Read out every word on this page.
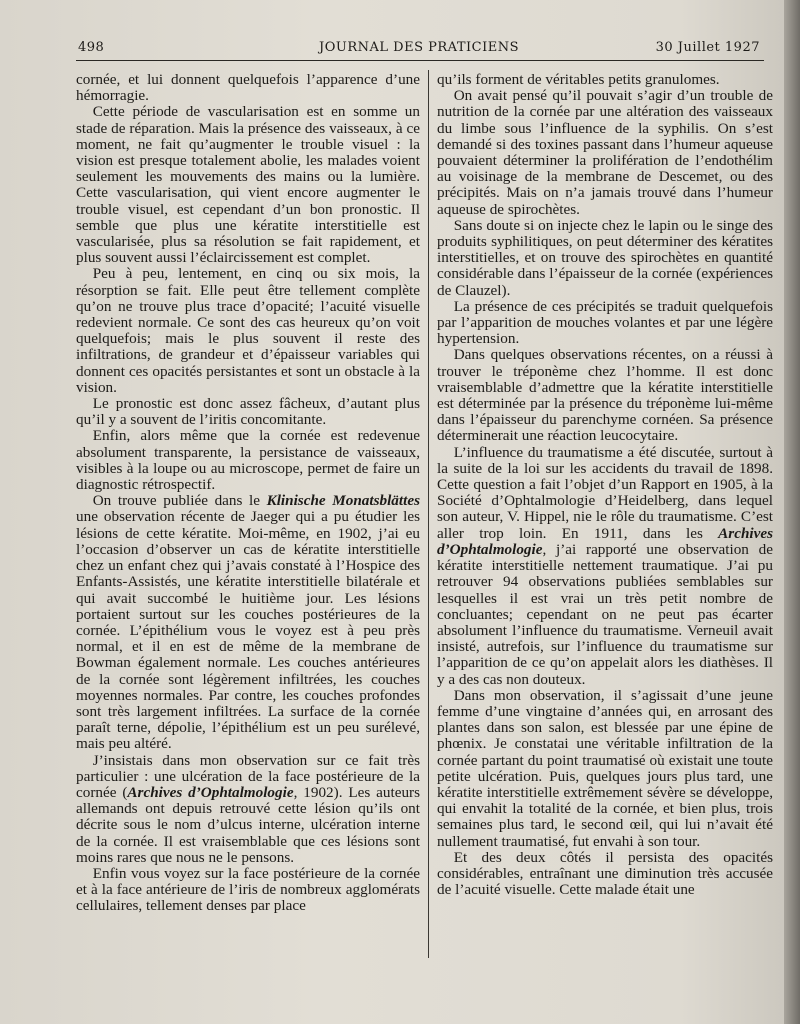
498	JOURNAL DES PRATICIENS	30 Juillet 1927

cornée, et lui donnent quelquefois l’apparence d’une hémorragie.

Cette période de vascularisation est en somme un stade de réparation. Mais la présence des vaisseaux, à ce moment, ne fait qu’augmenter le trouble visuel : la vision est presque totalement abolie, les malades voient seulement les mouvements des mains ou la lumière. Cette vascularisation, qui vient encore augmenter le trouble visuel, est cependant d’un bon pronostic. Il semble que plus une kératite interstitielle est vascularisée, plus sa résolution se fait rapidement, et plus souvent aussi l’éclaircissement est complet.

Peu à peu, lentement, en cinq ou six mois, la résorption se fait. Elle peut être tellement complète qu’on ne trouve plus trace d’opacité; l’acuité visuelle redevient normale. Ce sont des cas heureux qu’on voit quelquefois; mais le plus souvent il reste des infiltrations, de grandeur et d’épaisseur variables qui donnent ces opacités persistantes et sont un obstacle à la vision.

Le pronostic est donc assez fâcheux, d’autant plus qu’il y a souvent de l’iritis concomitante.

Enfin, alors même que la cornée est redevenue absolument transparente, la persistance de vaisseaux, visibles à la loupe ou au microscope, permet de faire un diagnostic rétrospectif.

On trouve publiée dans le Klinische Monatsblättes une observation récente de Jaeger qui a pu étudier les lésions de cette kératite. Moi-même, en 1902, j’ai eu l’occasion d’observer un cas de kératite interstitielle chez un enfant chez qui j’avais constaté à l’Hospice des Enfants-Assistés, une kératite interstitielle bilatérale et qui avait succombé le huitième jour. Les lésions portaient surtout sur les couches postérieures de la cornée. L’épithélium vous le voyez est à peu près normal, et il en est de même de la membrane de Bowman également normale. Les couches antérieures de la cornée sont légèrement infiltrées, les couches moyennes normales. Par contre, les couches profondes sont très largement infiltrées. La surface de la cornée paraît terne, dépolie, l’épithélium est un peu surélevé, mais peu altéré.

J’insistais dans mon observation sur ce fait très particulier : une ulcération de la face postérieure de la cornée (Archives d’Ophtalmologie, 1902). Les auteurs allemands ont depuis retrouvé cette lésion qu’ils ont décrite sous le nom d’ulcus interne, ulcération interne de la cornée. Il est vraisemblable que ces lésions sont moins rares que nous ne le pensons.

Enfin vous voyez sur la face postérieure de la cornée et à la face antérieure de l’iris de nombreux agglomérats cellulaires, tellement denses par place

qu’ils forment de véritables petits granulomes.

On avait pensé qu’il pouvait s’agir d’un trouble de nutrition de la cornée par une altération des vaisseaux du limbe sous l’influence de la syphilis. On s’est demandé si des toxines passant dans l’humeur aqueuse pouvaient déterminer la prolifération de l’endothélim au voisinage de la membrane de Descemet, ou des précipités. Mais on n’a jamais trouvé dans l’humeur aqueuse de spirochètes.

Sans doute si on injecte chez le lapin ou le singe des produits syphilitiques, on peut déterminer des kératites interstitielles, et on trouve des spirochètes en quantité considérable dans l’épaisseur de la cornée (expériences de Clauzel).

La présence de ces précipités se traduit quelquefois par l’apparition de mouches volantes et par une légère hypertension.

Dans quelques observations récentes, on a réussi à trouver le tréponème chez l’homme. Il est donc vraisemblable d’admettre que la kératite interstitielle est déterminée par la présence du tréponème lui-même dans l’épaisseur du parenchyme cornéen. Sa présence déterminerait une réaction leucocytaire.

L’influence du traumatisme a été discutée, surtout à la suite de la loi sur les accidents du travail de 1898. Cette question a fait l’objet d’un Rapport en 1905, à la Société d’Ophtalmologie d’Heidelberg, dans lequel son auteur, V. Hippel, nie le rôle du traumatisme. C’est aller trop loin. En 1911, dans les Archives d’Ophtalmologie, j’ai rapporté une observation de kératite interstitielle nettement traumatique. J’ai pu retrouver 94 observations publiées semblables sur lesquelles il est vrai un très petit nombre de concluantes; cependant on ne peut pas écarter absolument l’influence du traumatisme. Verneuil avait insisté, autrefois, sur l’influence du traumatisme sur l’apparition de ce qu’on appelait alors les diathèses. Il y a des cas non douteux.

Dans mon observation, il s’agissait d’une jeune femme d’une vingtaine d’années qui, en arrosant des plantes dans son salon, est blessée par une épine de phœnix. Je constatai une véritable infiltration de la cornée partant du point traumatisé où existait une toute petite ulcération. Puis, quelques jours plus tard, une kératite interstitielle extrêmement sévère se développe, qui envahit la totalité de la cornée, et bien plus, trois semaines plus tard, le second œil, qui lui n’avait été nullement traumatisé, fut envahi à son tour.

Et des deux côtés il persista des opacités considérables, entraînant une diminution très accusée de l’acuité visuelle. Cette malade était une
